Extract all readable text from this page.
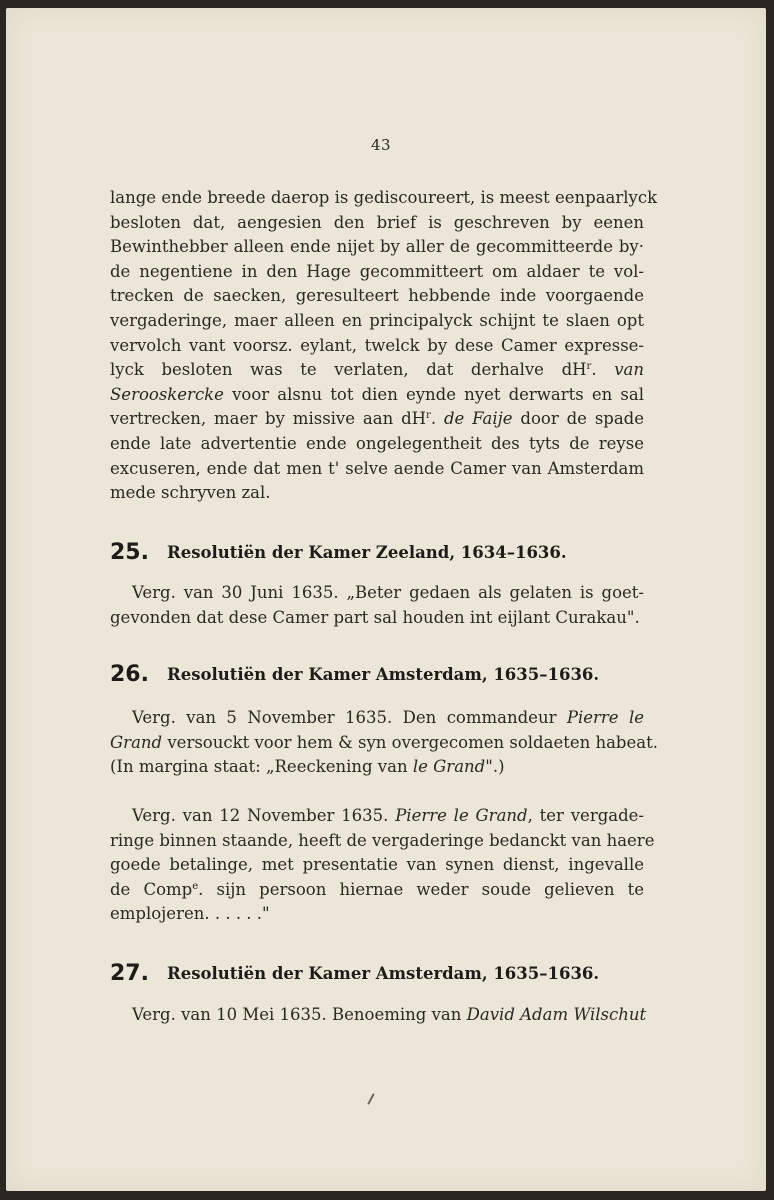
43
lange ende breede daerop is gediscoureert, is meest eenpaarlyck
besloten dat, aengesien den brief is geschreven by eenen
Bewinthebber alleen ende nijet by aller de gecommitteerde by·
de negentiene in den Hage gecommitteert om aldaer te vol-
trecken de saecken, geresulteert hebbende inde voorgaende
vergaderinge, maer alleen en principalyck schijnt te slaen opt
vervolch vant voorsz. eylant, twelck by dese Camer expresse-
lyck besloten was te verlaten, dat derhalve $dH^r$. van
Serooskercke voor alsnu tot dien eynde nyet derwarts en sal
vertrecken, maer by missive aan $dH^r$. de Faije door de spade
ende late advertentie ende ongelegentheit des tyts de reyse
excuseren, ende dat men t' selve aende Camer van Amsterdam
mede schryven zal.
25. Resolutiën der Kamer Zeeland, 1634–1636.
Verg. van 30 Juni 1635. „Beter gedaen als gelaten is goet-
gevonden dat dese Camer part sal houden int eijlant Curakau".
26. Resolutiën der Kamer Amsterdam, 1635–1636.
Verg. van 5 November 1635. Den commandeur Pierre le
Grand versouckt voor hem & syn overgecomen soldaeten habeat.
(In margina staat: „Reeckening van le Grand".)
Verg. van 12 November 1635. Pierre le Grand, ter vergade-
ringe binnen staande, heeft de vergaderinge bedanckt van haere
goede betalinge, met presentatie van synen dienst, ingevalle
de Comp$^e$. sijn persoon hiernae weder soude gelieven te
emplojeren. . . . . ."
27. Resolutiën der Kamer Amsterdam, 1635–1636.
Verg. van 10 Mei 1635. Benoeming van David Adam Wilschut
